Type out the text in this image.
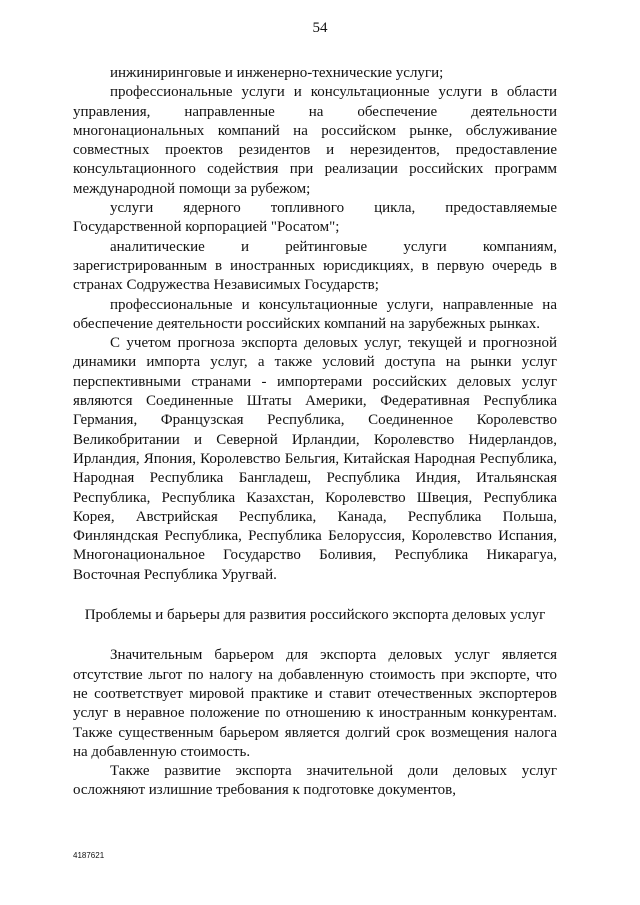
54

инжиниринговые и инженерно-технические услуги;

профессиональные услуги и консультационные услуги в области управления, направленные на обеспечение деятельности многонациональных компаний на российском рынке, обслуживание совместных проектов резидентов и нерезидентов, предоставление консультационного содействия при реализации российских программ международной помощи за рубежом;

услуги ядерного топливного цикла, предоставляемые Государственной корпорацией "Росатом";

аналитические и рейтинговые услуги компаниям, зарегистрированным в иностранных юрисдикциях, в первую очередь в странах Содружества Независимых Государств;

профессиональные и консультационные услуги, направленные на обеспечение деятельности российских компаний на зарубежных рынках.

С учетом прогноза экспорта деловых услуг, текущей и прогнозной динамики импорта услуг, а также условий доступа на рынки услуг перспективными странами - импортерами российских деловых услуг являются Соединенные Штаты Америки, Федеративная Республика Германия, Французская Республика, Соединенное Королевство Великобритании и Северной Ирландии, Королевство Нидерландов, Ирландия, Япония, Королевство Бельгия, Китайская Народная Республика, Народная Республика Бангладеш, Республика Индия, Итальянская Республика, Республика Казахстан, Королевство Швеция, Республика Корея, Австрийская Республика, Канада, Республика Польша, Финляндская Республика, Республика Белоруссия, Королевство Испания, Многонациональное Государство Боливия, Республика Никарагуа, Восточная Республика Уругвай.

Проблемы и барьеры для развития российского экспорта деловых услуг

Значительным барьером для экспорта деловых услуг является отсутствие льгот по налогу на добавленную стоимость при экспорте, что не соответствует мировой практике и ставит отечественных экспортеров услуг в неравное положение по отношению к иностранным конкурентам. Также существенным барьером является долгий срок возмещения налога на добавленную стоимость.

Также развитие экспорта значительной доли деловых услуг осложняют излишние требования к подготовке документов,

4187621
